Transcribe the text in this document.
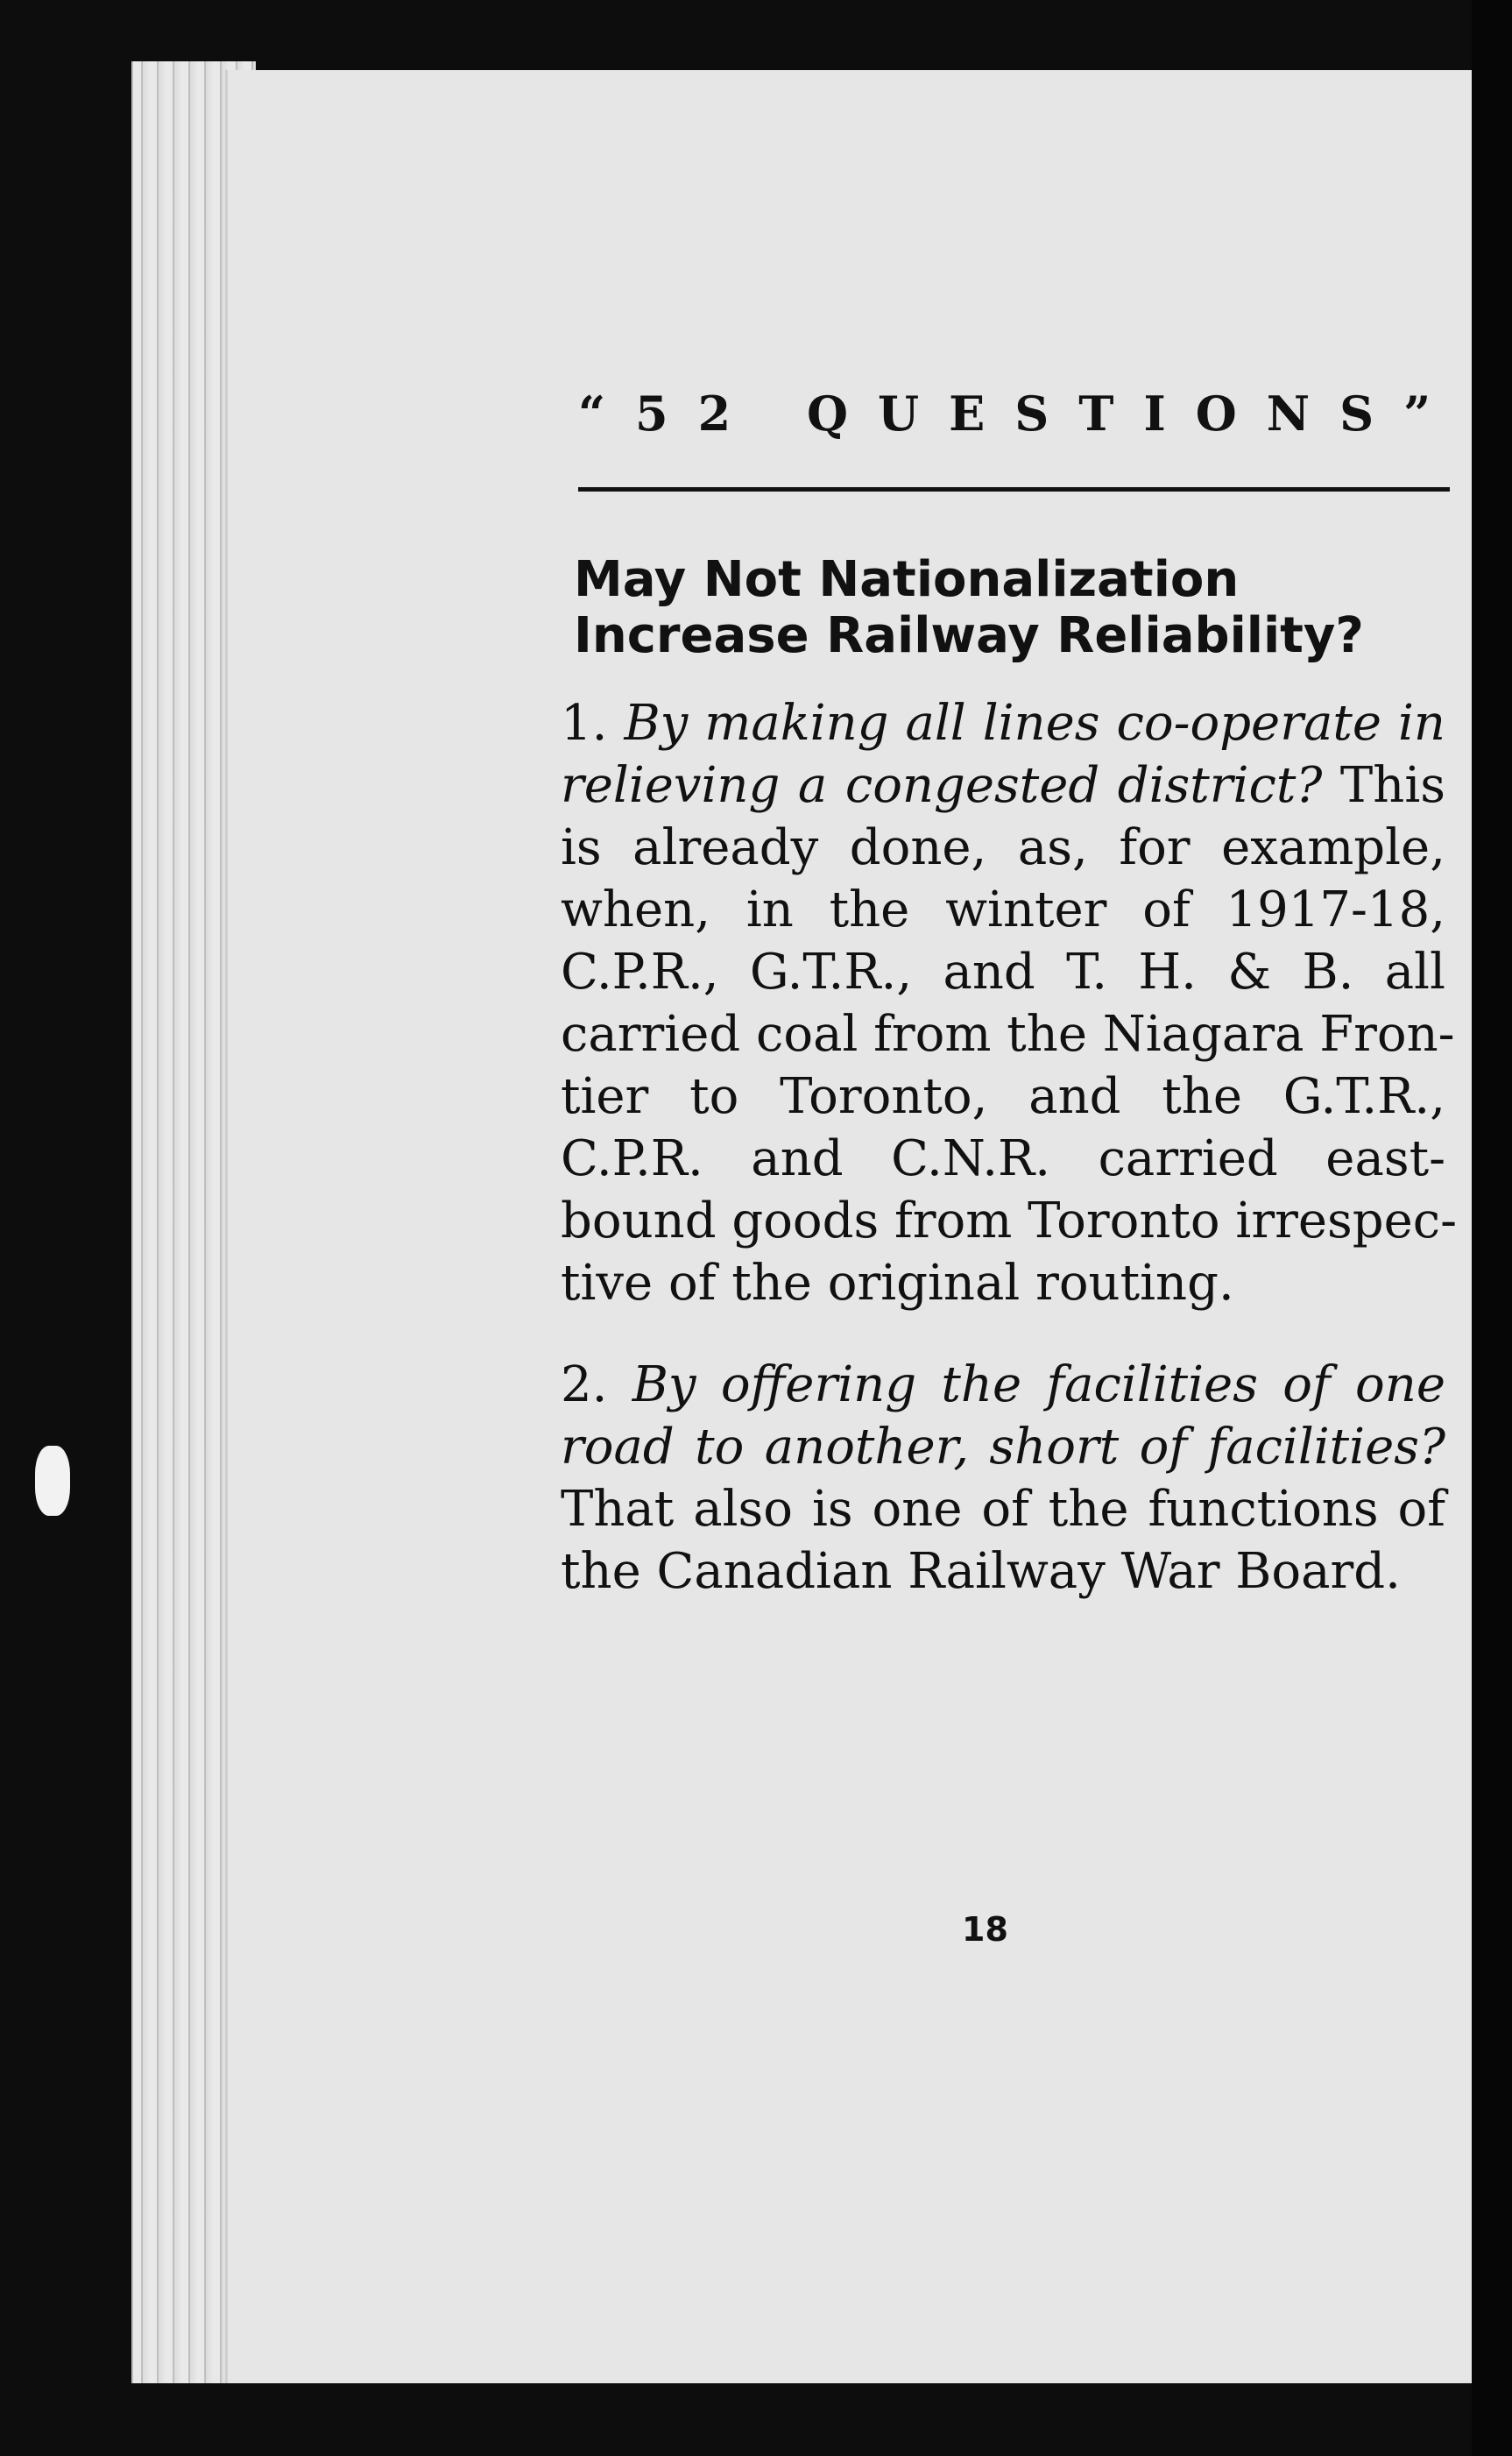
“52 QUESTIONS”
May Not Nationalization
Increase Railway Reliability?
1. By making all lines co-operate in
relieving a congested district? This
is already done, as, for example,
when, in the winter of 1917-18,
C.P.R., G.T.R., and T. H. & B. all
carried coal from the Niagara Fron-
tier to Toronto, and the G.T.R.,
C.P.R. and C.N.R. carried east-
bound goods from Toronto irrespec-
tive of the original routing.
2. By offering the facilities of one
road to another, short of facilities?
That also is one of the functions of
the Canadian Railway War Board.
18
